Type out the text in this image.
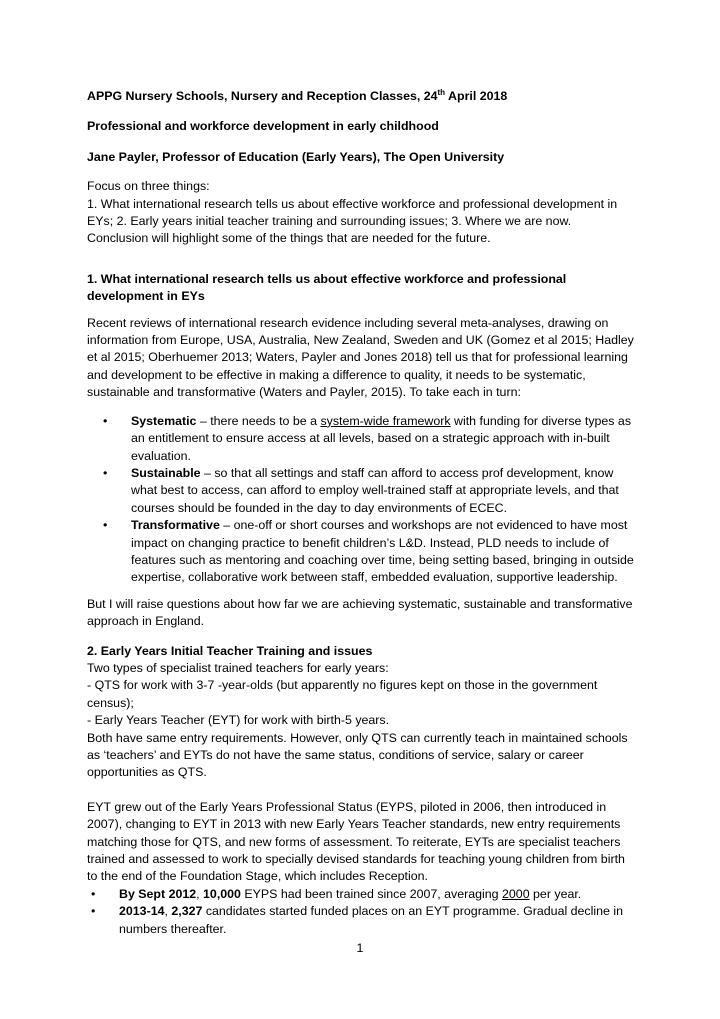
APPG Nursery Schools, Nursery and Reception Classes, 24th April 2018

Professional and workforce development in early childhood

Jane Payler, Professor of Education (Early Years), The Open University

Focus on three things:

1. What international research tells us about effective workforce and professional development in EYs; 2. Early years initial teacher training and surrounding issues; 3. Where we are now.

Conclusion will highlight some of the things that are needed for the future.

1. What international research tells us about effective workforce and professional development in EYs

Recent reviews of international research evidence including several meta-analyses, drawing on information from Europe, USA, Australia, New Zealand, Sweden and UK (Gomez et al 2015; Hadley et al 2015; Oberhuemer 2013; Waters, Payler and Jones 2018) tell us that for professional learning and development to be effective in making a difference to quality, it needs to be systematic, sustainable and transformative (Waters and Payler, 2015). To take each in turn:

• Systematic – there needs to be a system-wide framework with funding for diverse types as an entitlement to ensure access at all levels, based on a strategic approach with in-built evaluation.
• Sustainable – so that all settings and staff can afford to access prof development, know what best to access, can afford to employ well-trained staff at appropriate levels, and that courses should be founded in the day to day environments of ECEC.
• Transformative – one-off or short courses and workshops are not evidenced to have most impact on changing practice to benefit children’s L&D. Instead, PLD needs to include of features such as mentoring and coaching over time, being setting based, bringing in outside expertise, collaborative work between staff, embedded evaluation, supportive leadership.

But I will raise questions about how far we are achieving systematic, sustainable and transformative approach in England.

2. Early Years Initial Teacher Training and issues

Two types of specialist trained teachers for early years:

- QTS for work with 3-7 -year-olds (but apparently no figures kept on those in the government census);

- Early Years Teacher (EYT) for work with birth-5 years.

Both have same entry requirements. However, only QTS can currently teach in maintained schools as ‘teachers’ and EYTs do not have the same status, conditions of service, salary or career opportunities as QTS.

EYT grew out of the Early Years Professional Status (EYPS, piloted in 2006, then introduced in 2007), changing to EYT in 2013 with new Early Years Teacher standards, new entry requirements matching those for QTS, and new forms of assessment. To reiterate, EYTs are specialist teachers trained and assessed to work to specially devised standards for teaching young children from birth to the end of the Foundation Stage, which includes Reception.

• By Sept 2012, 10,000 EYPS had been trained since 2007, averaging 2000 per year.
• 2013-14, 2,327 candidates started funded places on an EYT programme. Gradual decline in numbers thereafter.
1
